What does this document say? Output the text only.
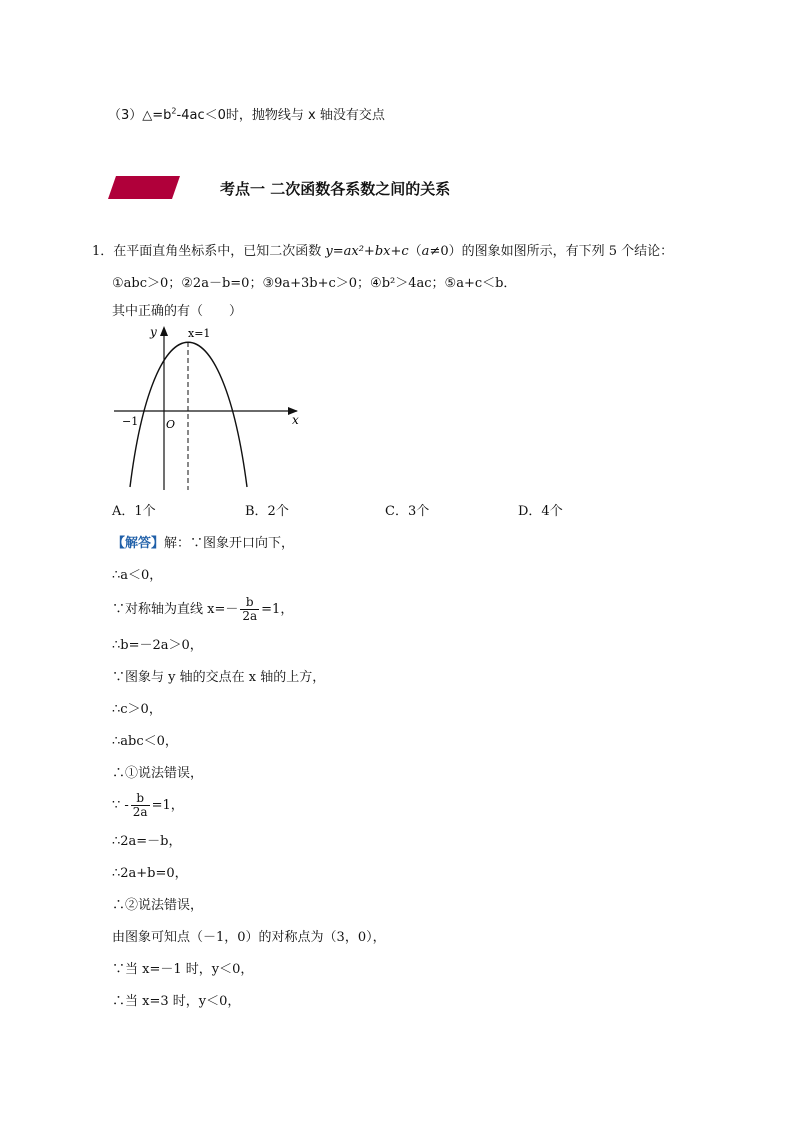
$(3)\triangle=b^2-4ac<0$时，抛物线与 x 轴没有交点
考点一 二次函数各系数之间的关系
1．在平面直角坐标系中，已知二次函数 y=ax²+bx+c（a≠0）的图象如图所示，有下列 5 个结论：
①abc＞0；②2a－b=0；③9a+3b+c＞0；④b²＞4ac；⑤a+c＜b．
其中正确的有（　　）
y
x
x=1
−1	O
A．1个	B．2个	C．3个	D．4个
【解答】解：∵图象开口向下，
∴a＜0，
∵对称轴为直线 $x=- \frac{b}{2a} =1$，
∴b=－2a＞0，
∵图象与 y 轴的交点在 x 轴的上方，
∴c＞0，
∴abc＜0，
∴①说法错误，
∵ - $\frac{b}{2a} =1$，
∴2a=－b，
∴2a+b=0，
∴②说法错误，
由图象可知点（－1，0）的对称点为（3，0），
∵当 x=－1 时，y＜0，
∴当 x=3 时，y＜0，
